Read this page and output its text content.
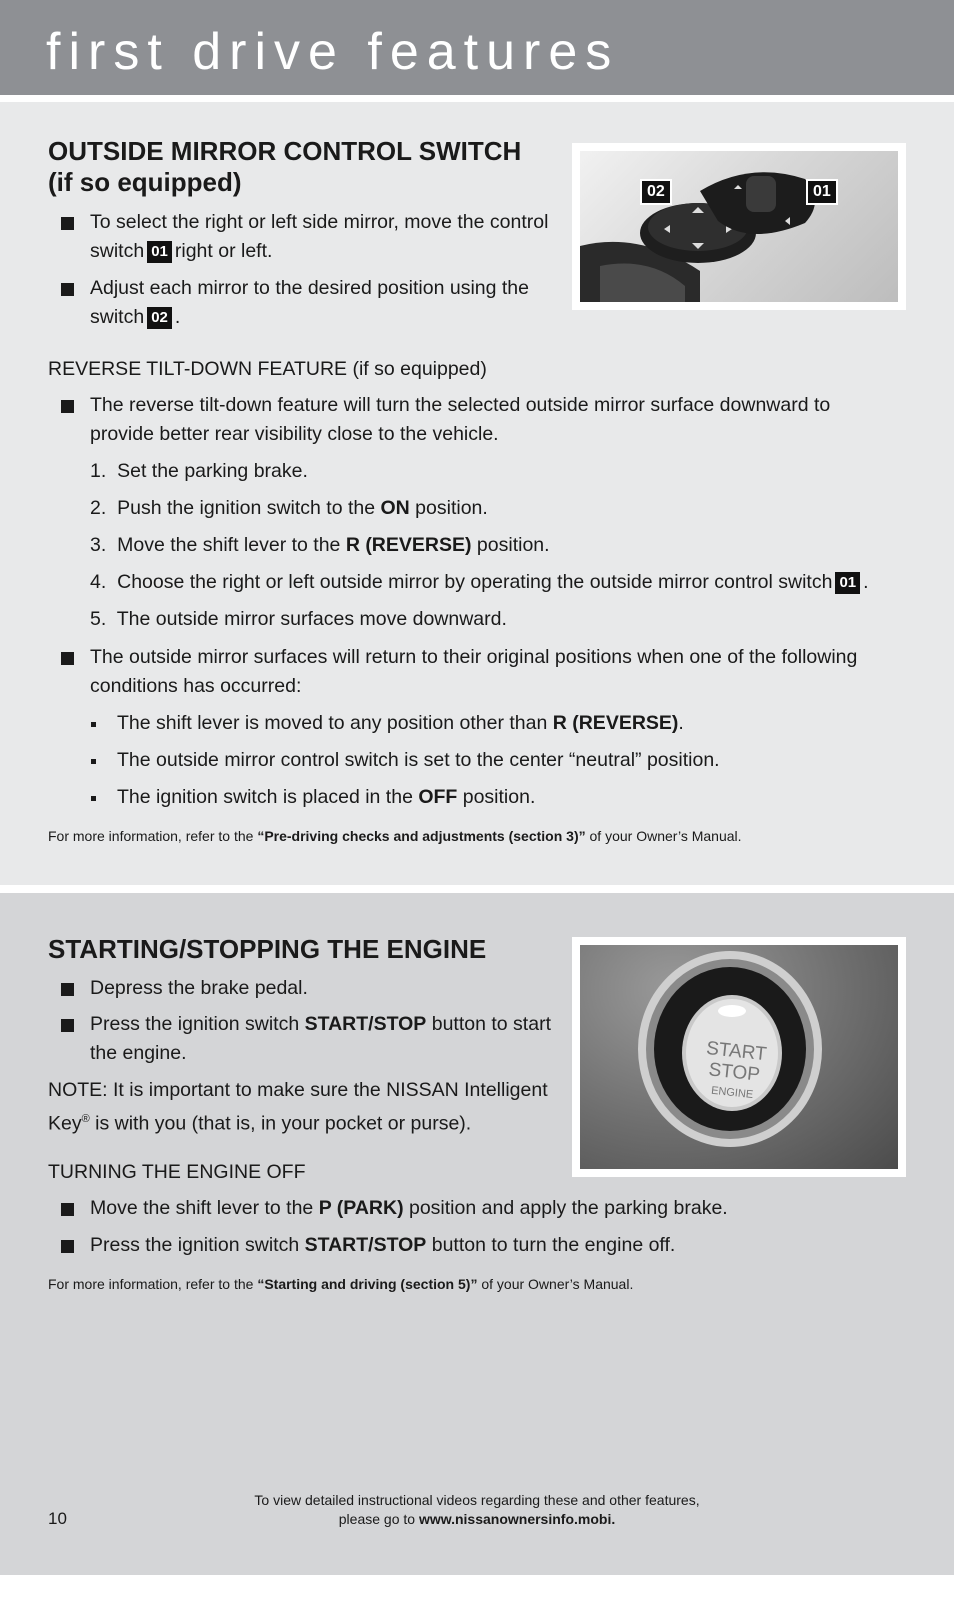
first drive features
OUTSIDE MIRROR CONTROL SWITCH
(if so equipped)
To select the right or left side mirror, move the control
switch 01 right or left.
Adjust each mirror to the desired position using the
switch 02 .
02	01
REVERSE TILT-DOWN FEATURE (if so equipped)
The reverse tilt-down feature will turn the selected outside mirror surface downward to
provide better rear visibility close to the vehicle.
1. Set the parking brake.
2. Push the ignition switch to the ON position.
3. Move the shift lever to the R (REVERSE) position.
4. Choose the right or left outside mirror by operating the outside mirror control switch 01 .
5. The outside mirror surfaces move downward.
The outside mirror surfaces will return to their original positions when one of the following
conditions has occurred:
The shift lever is moved to any position other than R (REVERSE).
The outside mirror control switch is set to the center “neutral” position.
The ignition switch is placed in the OFF position.
For more information, refer to the “Pre-driving checks and adjustments (section 3)” of your Owner’s Manual.
STARTING/STOPPING THE ENGINE
Depress the brake pedal.
Press the ignition switch START/STOP button to start
the engine.
NOTE: It is important to make sure the NISSAN Intelligent
Key® is with you (that is, in your pocket or purse).
START
STOP
ENGINE
TURNING THE ENGINE OFF
Move the shift lever to the P (PARK) position and apply the parking brake.
Press the ignition switch START/STOP button to turn the engine off.
For more information, refer to the “Starting and driving (section 5)” of your Owner’s Manual.
10
To view detailed instructional videos regarding these and other features,
please go to www.nissanownersinfo.mobi.
